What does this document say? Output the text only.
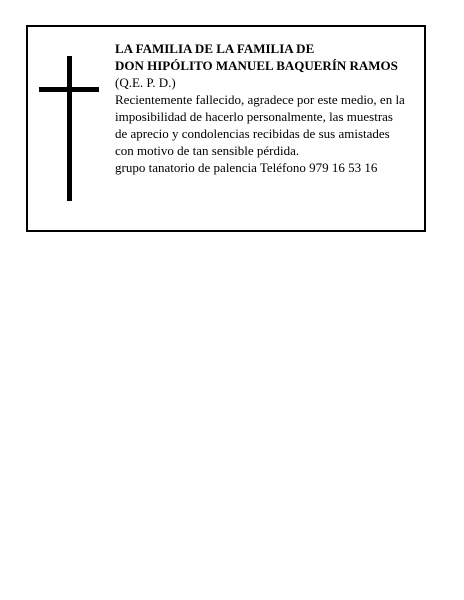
LA FAMILIA DE LA FAMILIA DE
DON HIPÓLITO MANUEL BAQUERÍN RAMOS
(Q.E. P. D.)
Recientemente fallecido, agradece por este medio, en la
imposibilidad de hacerlo personalmente, las muestras
de aprecio y condolencias recibidas de sus amistades
con motivo de tan sensible pérdida.
grupo tanatorio de palencia Teléfono 979 16 53 16
